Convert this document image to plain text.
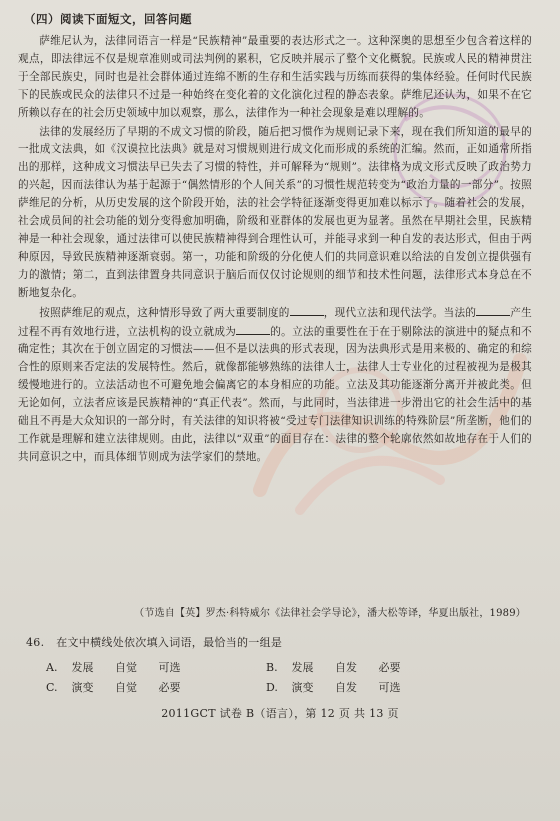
（四）阅读下面短文，回答问题

萨维尼认为，法律同语言一样是“民族精神”最重要的表达形式之一。这种深奥的思想至少包含着这样的观点，即法律远不仅是规章准则或司法判例的累积，它反映并展示了整个文化概貌。民族或人民的精神贯注于全部民族史，同时也是社会群体通过连绵不断的生存和生活实践与历练而获得的集体经验。任何时代民族下的民族或民众的法律只不过是一种始终在变化着的文化演化过程的静态表象。萨维尼还认为，如果不在它所赖以存在的社会历史领域中加以观察，那么，法律作为一种社会现象是难以理解的。

法律的发展经历了早期的不成文习惯的阶段，随后把习惯作为规则记录下来，现在我们所知道的最早的一批成文法典，如《汉谟拉比法典》就是对习惯规则进行成文化而形成的系统的汇编。然而，正如通常所指出的那样，这种成文习惯法早已失去了习惯的特性，并可解释为“规则”。法律格为成文形式反映了政治势力的兴起，因而法律认为基于起源于“偶然情形的个人间关系”的习惯性规范转变为“政治力量的一部分”。按照萨维尼的分析，从历史发展的这个阶段开始，法的社会学特征逐渐变得更加难以标示了。随着社会的发展，社会成员间的社会功能的划分变得愈加明确，阶级和亚群体的发展也更为显著。虽然在早期社会里，民族精神是一种社会现象，通过法律可以使民族精神得到合理性认可，并能寻求到一种自发的表达形式，但由于两种原因，导致民族精神逐渐衰弱。第一，功能和阶级的分化使人们的共同意识难以给法的自发创立提供强有力的激情；第二，直到法律置身共同意识于脑后而仅仅讨论规则的细节和技术性问题，法律形式本身总在不断地复杂化。

按照萨维尼的观点，这种情形导致了两大重要制度的	，现代立法和现代法学。当法的	产生过程不再有效地行进，立法机构的设立就成为	的。立法的重要性在于在于剔除法的演进中的疑点和不确定性；其次在于创立固定的习惯法——但不是以法典的形式表现，因为法典形式是用来极的、确定的和综合性的原则来否定法的发展特性。然后，就像都能够熟练的法律人士，法律人士专业化的过程被视为是极其缓慢地进行的。立法活动也不可避免地会偏离它的本身相应的功能。立法及其功能逐渐分离开并被此类。但无论如何，立法者应该是民族精神的“真正代表”。然而，与此同时，当法律进一步滑出它的社会生活中的基础且不再是大众知识的一部分时，有关法律的知识将被“受过专门法律知识训练的特殊阶层”所垄断，他们的工作就是理解和建立法律规则。由此，法律以“双重”的面目存在：法律的整个轮廓依然如故地存在于人们的共同意识之中，而具体细节则成为法学家们的禁地。

（节选自【英】罗杰·科特威尔《法律社会学导论》，潘大松等译，华夏出版社，1989）
46. 在文中横线处依次填入词语，最恰当的一组是
A. 发展 自觉 可选	B. 发展 自发 必要
C. 演变 自觉 必要	D. 演变 自发 可选
2011GCT 试卷 B（语言），第 12 页 共 13 页
